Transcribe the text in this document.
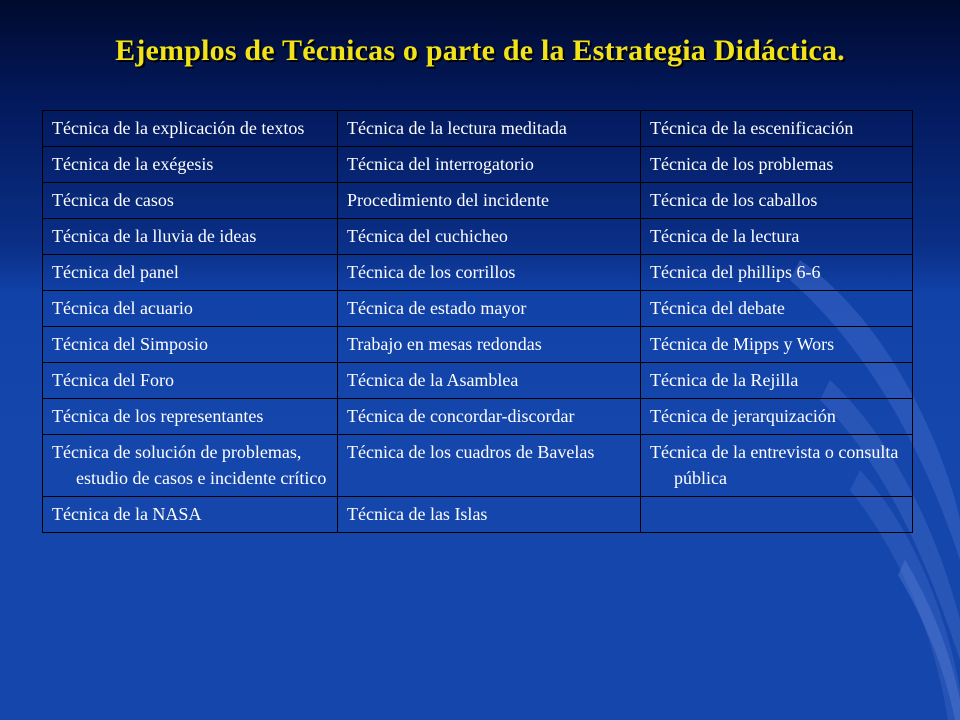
Ejemplos de Técnicas o parte de la Estrategia Didáctica.
Técnica de la explicación de textos	Técnica de la lectura meditada	Técnica de la escenificación

Técnica de la exégesis	Técnica del interrogatorio	Técnica de los problemas

Técnica de casos	Procedimiento del incidente	Técnica de los caballos

Técnica de la lluvia de ideas	Técnica del cuchicheo	Técnica de la lectura

Técnica del panel	Técnica de los corrillos	Técnica del phillips 6-6

Técnica del acuario	Técnica de estado mayor	Técnica del debate

Técnica del Simposio	Trabajo en mesas redondas	Técnica de Mipps y Wors

Técnica del Foro	Técnica de la Asamblea	Técnica de la Rejilla

Técnica de los representantes	Técnica de concordar-discordar	Técnica de jerarquización

Técnica de solución de problemas, estudio de casos e incidente crítico	Técnica de los cuadros de Bavelas	Técnica de la entrevista o consulta pública

Técnica de la NASA	Técnica de las Islas	
